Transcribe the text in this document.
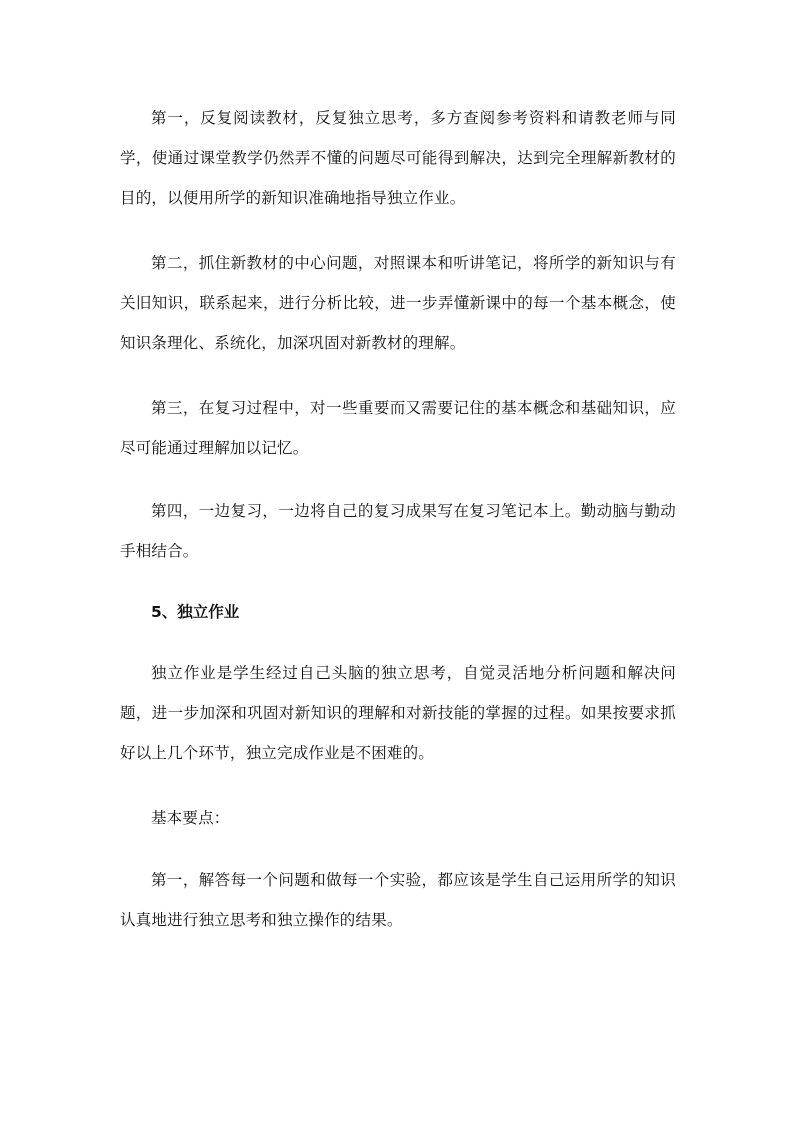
第一，反复阅读教材，反复独立思考，多方查阅参考资料和请教老师与同学，使通过课堂教学仍然弄不懂的问题尽可能得到解决，达到完全理解新教材的目的，以便用所学的新知识准确地指导独立作业。

第二，抓住新教材的中心问题，对照课本和听讲笔记，将所学的新知识与有关旧知识，联系起来，进行分析比较，进一步弄懂新课中的每一个基本概念，使知识条理化、系统化，加深巩固对新教材的理解。

第三，在复习过程中，对一些重要而又需要记住的基本概念和基础知识，应尽可能通过理解加以记忆。

第四，一边复习，一边将自己的复习成果写在复习笔记本上。勤动脑与勤动手相结合。

5、独立作业

独立作业是学生经过自己头脑的独立思考，自觉灵活地分析问题和解决问题，进一步加深和巩固对新知识的理解和对新技能的掌握的过程。如果按要求抓好以上几个环节，独立完成作业是不困难的。

基本要点：

第一，解答每一个问题和做每一个实验，都应该是学生自己运用所学的知识认真地进行独立思考和独立操作的结果。
